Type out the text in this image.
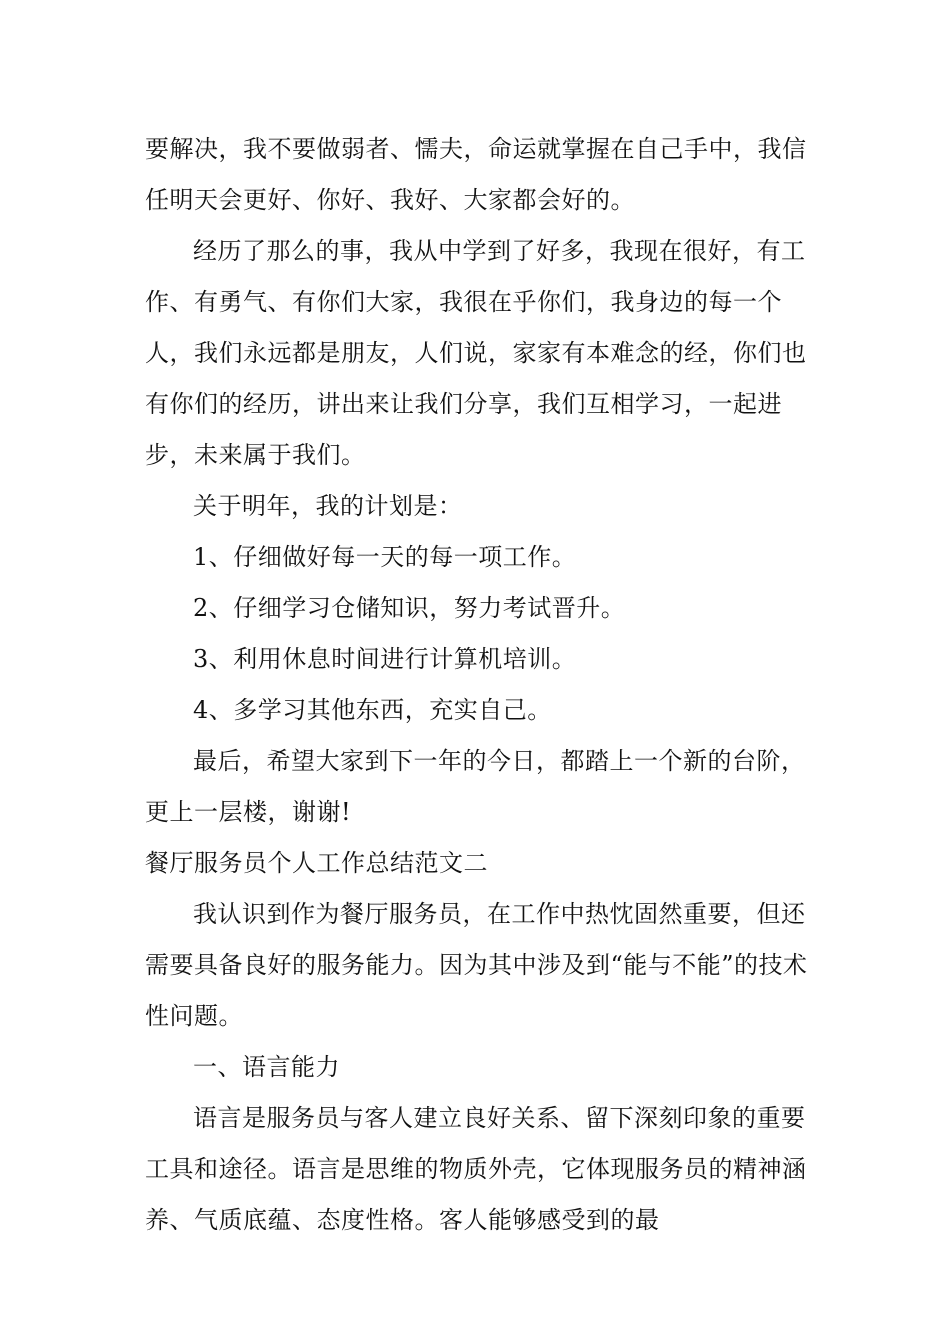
要解决，我不要做弱者、懦夫，命运就掌握在自己手中，我信任明天会更好、你好、我好、大家都会好的。

经历了那么的事，我从中学到了好多，我现在很好，有工作、有勇气、有你们大家，我很在乎你们，我身边的每一个人，我们永远都是朋友，人们说，家家有本难念的经，你们也有你们的经历，讲出来让我们分享，我们互相学习，一起进步，未来属于我们。

关于明年，我的计划是：

1、仔细做好每一天的每一项工作。

2、仔细学习仓储知识，努力考试晋升。

3、利用休息时间进行计算机培训。

4、多学习其他东西，充实自己。

最后，希望大家到下一年的今日，都踏上一个新的台阶，更上一层楼，谢谢!

餐厅服务员个人工作总结范文二

我认识到作为餐厅服务员，在工作中热忱固然重要，但还需要具备良好的服务能力。因为其中涉及到“能与不能”的技术性问题。

一、语言能力

语言是服务员与客人建立良好关系、留下深刻印象的重要工具和途径。语言是思维的物质外壳，它体现服务员的精神涵养、气质底蕴、态度性格。客人能够感受到的最
